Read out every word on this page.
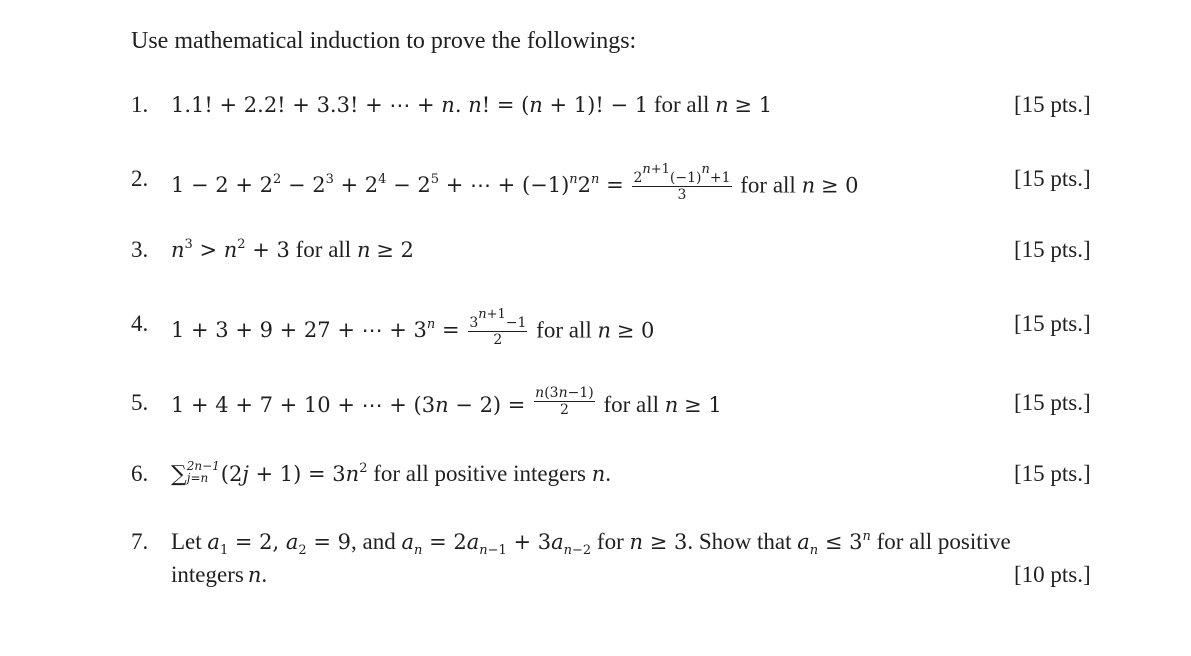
Use mathematical induction to prove the followings:
1. 1.1! + 2.2! + 3.3! + ⋯ + n. n! = (n + 1)! − 1 for all n ≥ 1	[15 pts.]
2. $1 - 2 + 2^2 - 2^3 + 2^4 - 2^5$ + ⋯ + $(-1)^n2^n = \frac{2^{n+1}(-1)^n+1}{3}$ for all n ≥ 0	[15 pts.]
3. $n^3 > n^2 + 3$ for all n ≥ 2	[15 pts.]
4. 1 + 3 + 9 + 27 + ⋯ + $3^n = \frac{3^{n+1}-1}{2}$ for all n ≥ 0	[15 pts.]
5. 1 + 4 + 7 + 10 + ⋯ + $(3n - 2) = \frac{n(3n-1)}{2}$ for all n ≥ 1	[15 pts.]
6. ∑ 2n−1
j=n $(2j + 1) = 3n^2$ for all positive integers n.	[15 pts.]
7. Let $a_1 = 2$, $a_2 = 9$, and $a_n = 2a_{n-1} + 3a_{n-2}$ for n ≥ 3. Show that $a_n \le 3^n$ for all positive
integers n.	[10 pts.]
